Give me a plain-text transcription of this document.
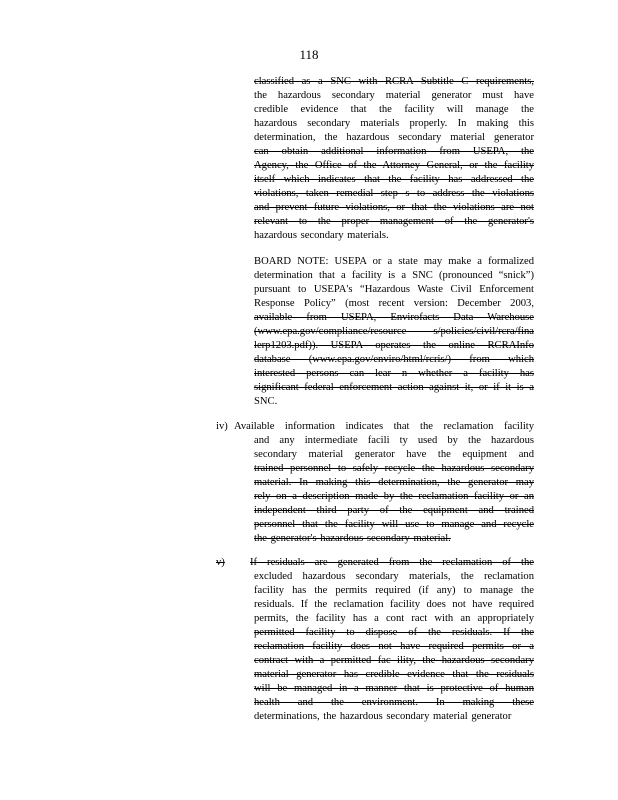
118
iv)
v)
classified as a SNC with RCRA Subtitle C requirements,
the hazardous secondary material generator must have
credible evidence that the facility will manage the
hazardous secondary materials properly. In making this
determination, the hazardous secondary material generator
can obtain additional information from USEPA, the
Agency, the Office of the Attorney General, or the facility
itself which indicates that the facility has addressed the
violations, taken remedial step s to address the violations
and prevent future violations, or that the violations are not
relevant to the proper management of the generator's
hazardous secondary materials.
BOARD NOTE: USEPA or a state may make a formalized
determination that a facility is a SNC (pronounced “snick”)
pursuant to USEPA's “Hazardous Waste Civil Enforcement
Response Policy” (most recent version: December 2003,
available from USEPA, Envirofacts Data Warehouse
(www.epa.gov/compliance/resource s/policies/civil/rcra/fina
lerp1203.pdf)). USEPA operates the online RCRAInfo
database (www.epa.gov/enviro/html/rcris/) from which
interested persons can lear n whether a facility has
significant federal enforcement action against it, or if it is a
SNC.
Available information indicates that the reclamation facility
and any intermediate facili ty used by the hazardous
secondary material generator have the equipment and
trained personnel to safely recycle the hazardous secondary
material. In making this determination, the generator may
rely on a description made by the reclamation facility or an
independent third party of the equipment and trained
personnel that the facility will use to manage and recycle
the generator's hazardous secondary material.
If residuals are generated from the reclamation of the
excluded hazardous secondary materials, the reclamation
facility has the permits required (if any) to manage the
residuals. If the reclamation facility does not have required
permits, the facility has a cont ract with an appropriately
permitted facility to dispose of the residuals. If the
reclamation facility does not have required permits or a
contract with a permitted fac ility, the hazardous secondary
material generator has credible evidence that the residuals
will be managed in a manner that is protective of human
health and the environment. In making these
determinations, the hazardous secondary material generator
